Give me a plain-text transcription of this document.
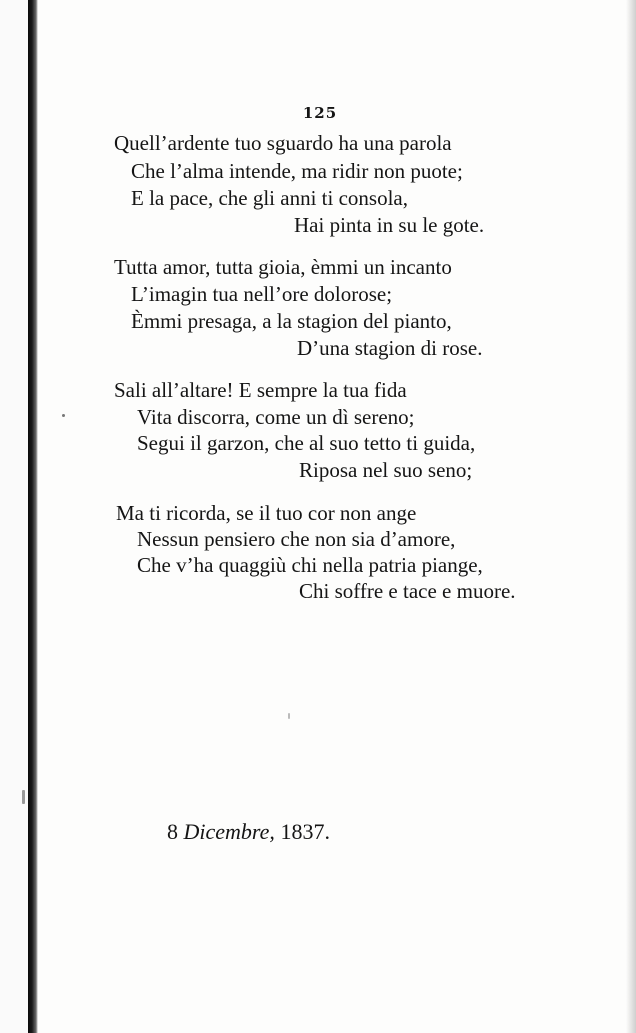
125
Quell’ardente tuo sguardo ha una parola
Che l’alma intende, ma ridir non puote;
E la pace, che gli anni ti consola,
Hai pinta in su le gote.
Tutta amor, tutta gioia, èmmi un incanto
L’imagin tua nell’ore dolorose;
Èmmi presaga, a la stagion del pianto,
D’una stagion di rose.
Sali all’altare! E sempre la tua fida
Vita discorra, come un dì sereno;
Segui il garzon, che al suo tetto ti guida,
Riposa nel suo seno;
Ma ti ricorda, se il tuo cor non ange
Nessun pensiero che non sia d’amore,
Che v’ha quaggiù chi nella patria piange,
Chi soffre e tace e muore.
8 Dicembre, 1837.
